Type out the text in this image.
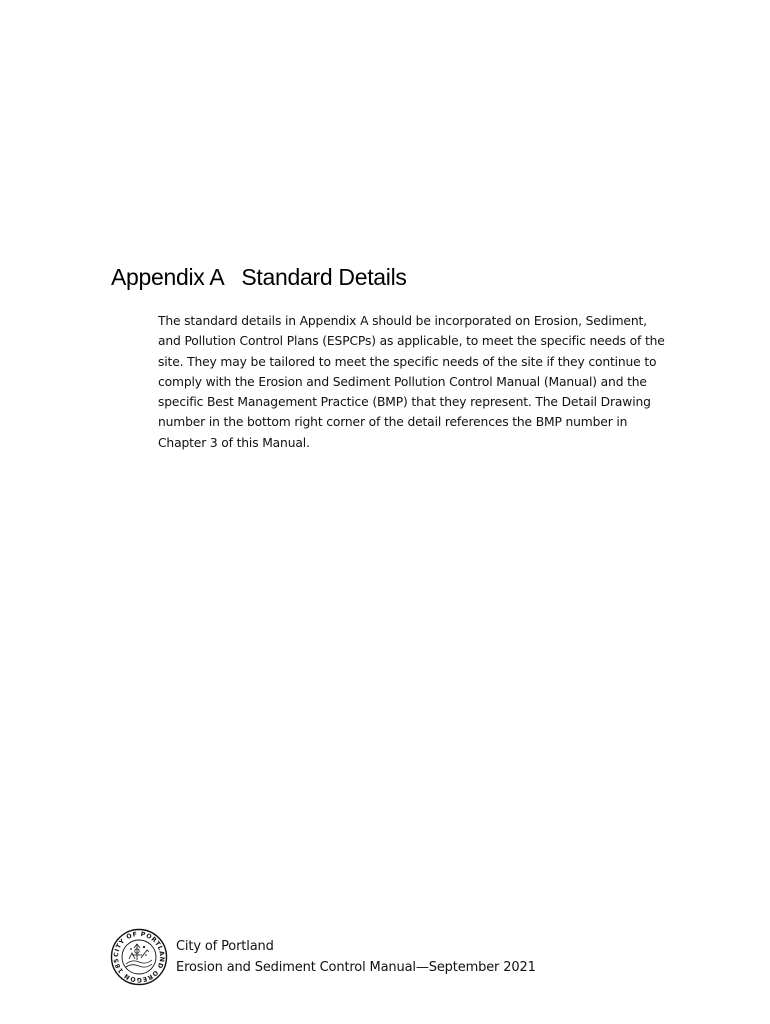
Appendix A Standard Details
The standard details in Appendix A should be incorporated on Erosion, Sediment,
and Pollution Control Plans (ESPCPs) as applicable, to meet the specific needs of the
site. They may be tailored to meet the specific needs of the site if they continue to
comply with the Erosion and Sediment Pollution Control Manual (Manual) and the
specific Best Management Practice (BMP) that they represent. The Detail Drawing
number in the bottom right corner of the detail references the BMP number in
Chapter 3 of this Manual.
CITY OF PORTLAND OREGON 185
City of Portland
Erosion and Sediment Control Manual—September 2021
